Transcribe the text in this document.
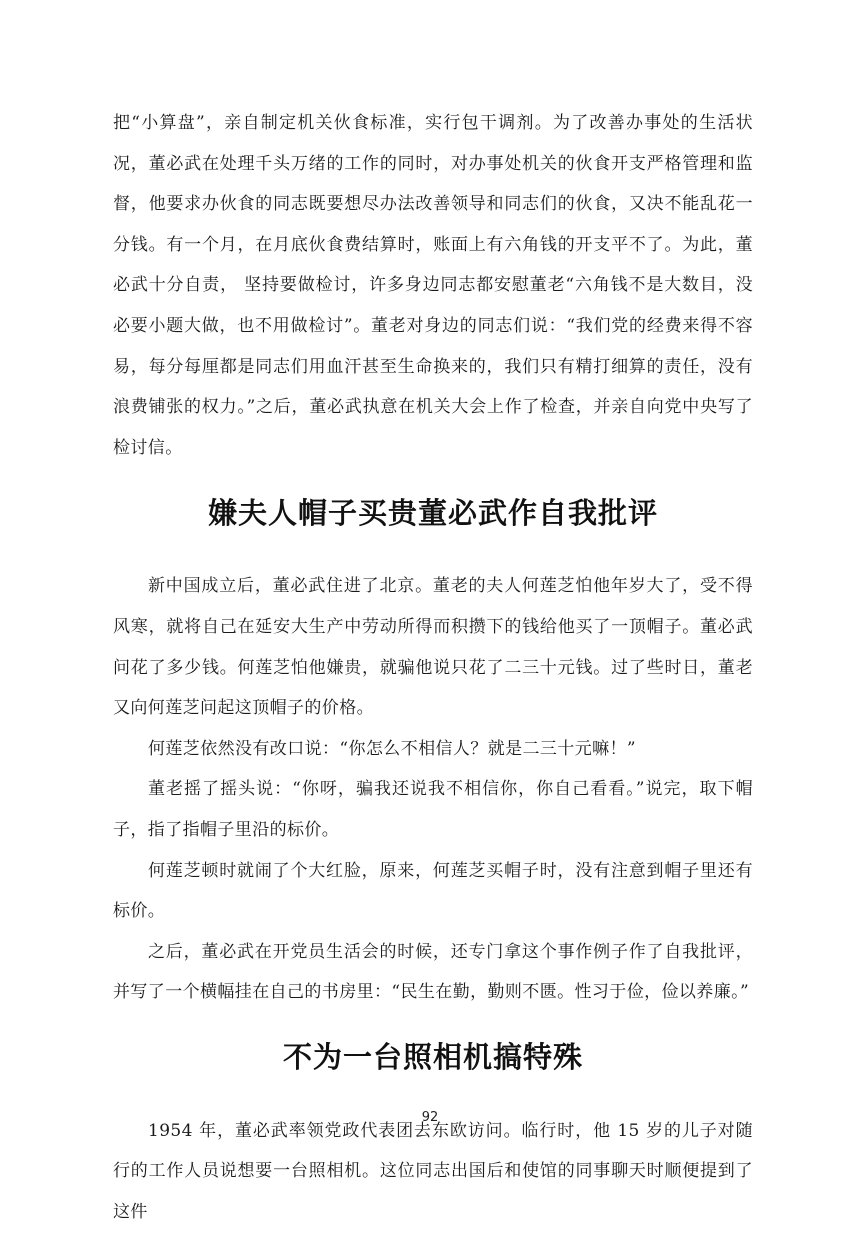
把“小算盘”，亲自制定机关伙食标准，实行包干调剂。为了改善办事处的生活状况，董必武在处理千头万绪的工作的同时，对办事处机关的伙食开支严格管理和监督，他要求办伙食的同志既要想尽办法改善领导和同志们的伙食，又决不能乱花一分钱。有一个月，在月底伙食费结算时，账面上有六角钱的开支平不了。为此，董必武十分自责， 坚持要做检讨，许多身边同志都安慰董老“六角钱不是大数目，没必要小题大做，也不用做检讨”。董老对身边的同志们说：“我们党的经费来得不容易，每分每厘都是同志们用血汗甚至生命换来的，我们只有精打细算的责任，没有浪费铺张的权力。”之后，董必武执意在机关大会上作了检查，并亲自向党中央写了检讨信。

嫌夫人帽子买贵董必武作自我批评

新中国成立后，董必武住进了北京。董老的夫人何莲芝怕他年岁大了，受不得风寒，就将自己在延安大生产中劳动所得而积攒下的钱给他买了一顶帽子。董必武问花了多少钱。何莲芝怕他嫌贵，就骗他说只花了二三十元钱。过了些时日，董老又向何莲芝问起这顶帽子的价格。

何莲芝依然没有改口说：“你怎么不相信人？就是二三十元嘛！”

董老摇了摇头说：“你呀，骗我还说我不相信你，你自己看看。”说完，取下帽子，指了指帽子里沿的标价。

何莲芝顿时就闹了个大红脸，原来，何莲芝买帽子时，没有注意到帽子里还有标价。

之后，董必武在开党员生活会的时候，还专门拿这个事作例子作了自我批评，并写了一个横幅挂在自己的书房里：“民生在勤，勤则不匮。性习于俭，俭以养廉。”

不为一台照相机搞特殊

1954 年，董必武率领党政代表团去东欧访问。临行时，他 15 岁的儿子对随行的工作人员说想要一台照相机。这位同志出国后和使馆的同事聊天时顺便提到了这件

92
